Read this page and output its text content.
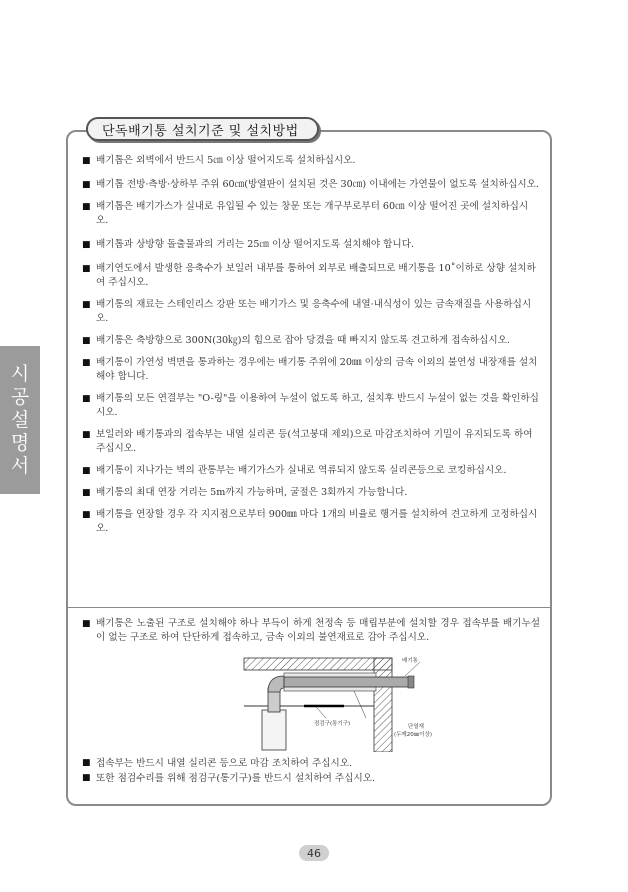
시
공
설
명
서
단독배기통 설치기준 및 설치방법
■ 배기톱은 외벽에서 반드시 5㎝ 이상 떨어지도록 설치하십시오.
■ 배기톱 전방·측방·상하부 주위 60㎝(방열판이 설치된 것은 30㎝) 이내에는 가연물이 없도록 설치하십시오.
■ 배기톱은 배기가스가 실내로 유입될 수 있는 창문 또는 개구부로부터 60㎝ 이상 떨어진 곳에 설치하십시오.
■ 배기톱과 상방향 돌출물과의 거리는 25㎝ 이상 떨어지도록 설치해야 합니다.
■ 배기연도에서 발생한 응축수가 보일러 내부를 통하여 외부로 배출되므로 배기통을 10˚이하로 상향 설치하여 주십시오.
■ 배기통의 재료는 스테인리스 강판 또는 배기가스 및 응축수에 내열·내식성이 있는 금속재질을 사용하십시오.
■ 배기통은 축방향으로 300N(30㎏)의 힘으로 잡아 당겼을 때 빠지지 않도록 견고하게 접속하십시오.
■ 배기통이 가연성 벽면을 통과하는 경우에는 배기통 주위에 20㎜ 이상의 금속 이외의 불연성 내장재를 설치해야 합니다.
■ 배기통의 모든 연결부는 "O-링"을 이용하여 누설이 없도록 하고, 설치후 반드시 누설이 없는 것을 확인하십시오.
■ 보일러와 배기통과의 접속부는 내열 실리콘 등(석고붕대 제외)으로 마감조치하여 기밀이 유지되도록 하여 주십시오.
■ 배기통이 지나가는 벽의 관통부는 배기가스가 실내로 역류되지 않도록 실리콘등으로 코킹하십시오.
■ 배기통의 최대 연장 거리는 5m까지 가능하며, 굴절은 3회까지 가능합니다.
■ 배기통을 연장할 경우 각 지지점으로부터 900㎜ 마다 1개의 비율로 행거를 설치하여 견고하게 고정하십시오.
■ 배기통은 노출된 구조로 설치해야 하나 부득이 하게 천정속 등 매립부분에 설치할 경우 접속부를 배기누설이 없는 구조로 하여 단단하게 접속하고, 금속 이외의 불연재료로 감아 주십시오.
배기통
점검구(통기구)	단열재
(두께20㎜이상)
■ 접속부는 반드시 내열 실리콘 등으로 마감 조치하여 주십시오.
■ 또한 점검수리를 위해 점검구(통기구)를 반드시 설치하여 주십시오.
46
